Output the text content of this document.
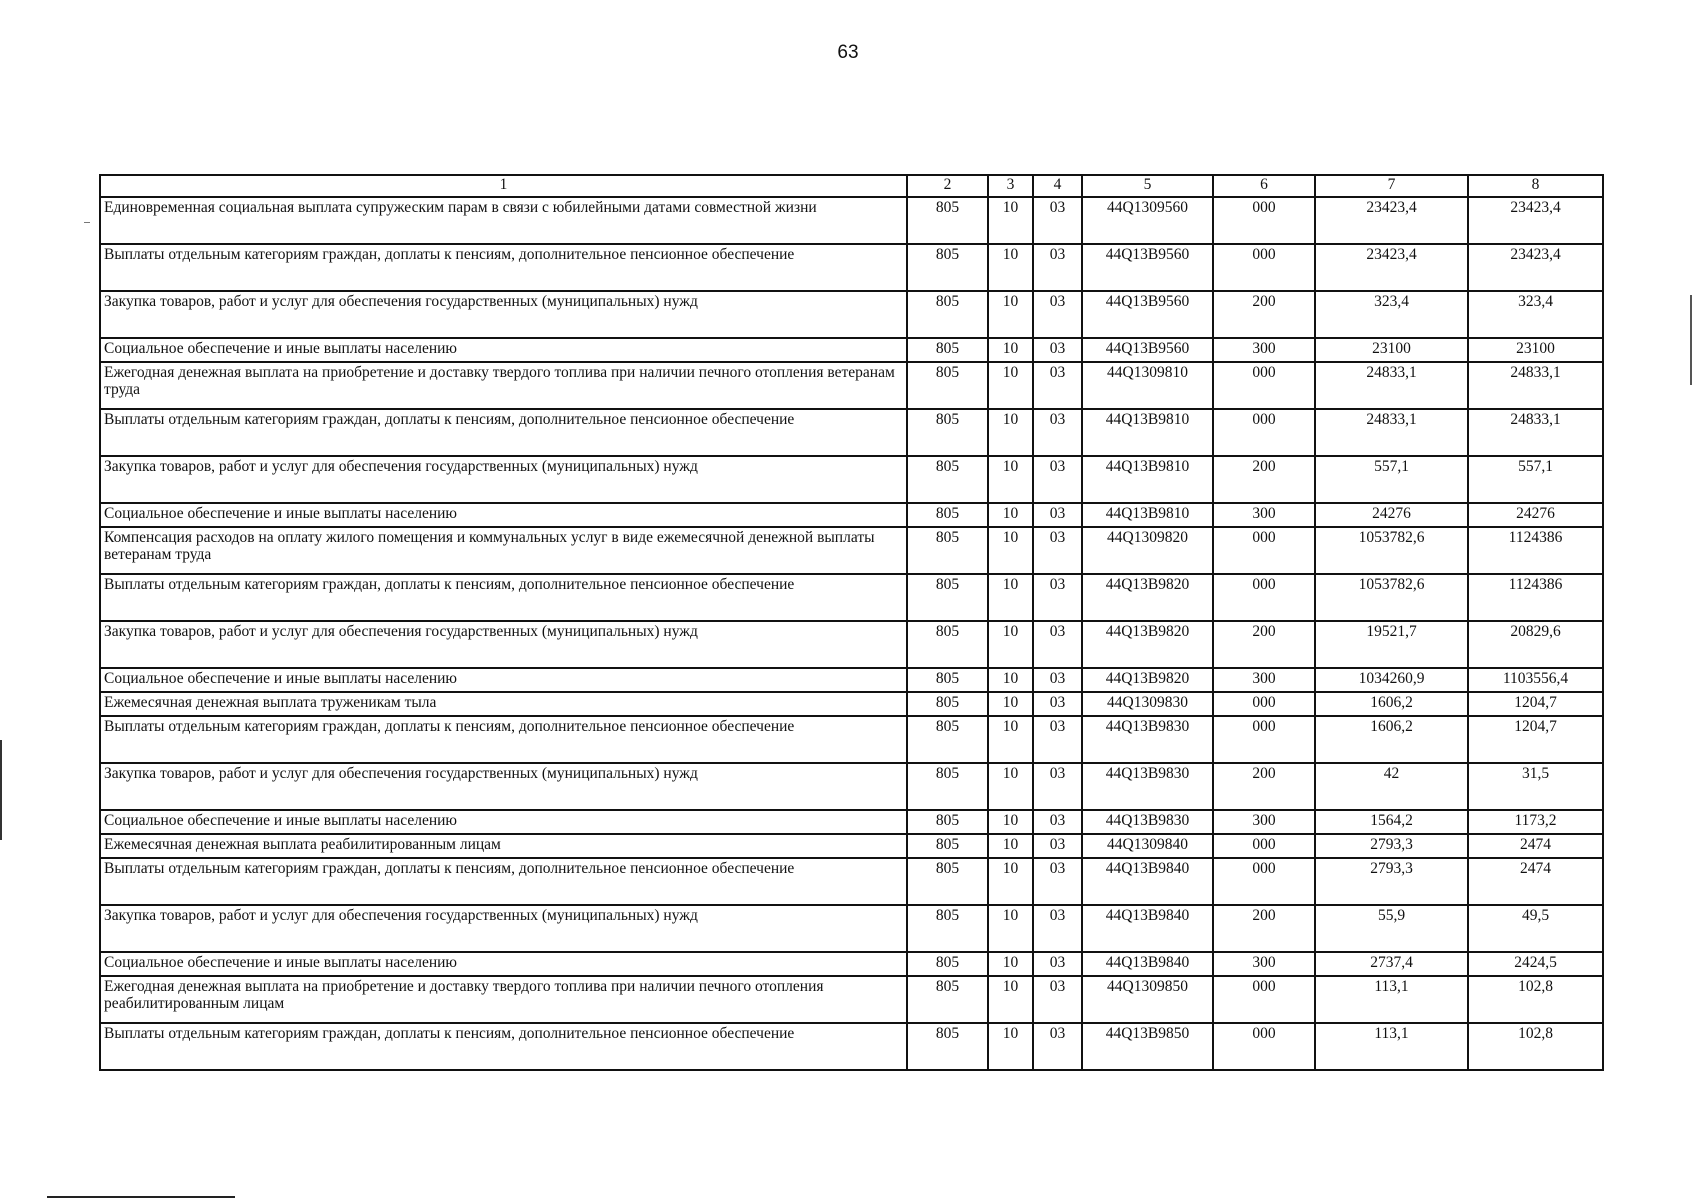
63
1	2	3	4	5	6	7	8
Единовременная социальная выплата супружеским парам в связи с юбилейными датами совместной жизни	805	10	03	44Q1309560	000	23423,4	23423,4
Выплаты отдельным категориям граждан, доплаты к пенсиям, дополнительное пенсионное обеспечение	805	10	03	44Q13B9560	000	23423,4	23423,4
Закупка товаров, работ и услуг для обеспечения государственных (муниципальных) нужд	805	10	03	44Q13B9560	200	323,4	323,4
Социальное обеспечение и иные выплаты населению	805	10	03	44Q13B9560	300	23100	23100
Ежегодная денежная выплата на приобретение и доставку твердого топлива при наличии печного отопления ветеранам труда	805	10	03	44Q1309810	000	24833,1	24833,1
Выплаты отдельным категориям граждан, доплаты к пенсиям, дополнительное пенсионное обеспечение	805	10	03	44Q13B9810	000	24833,1	24833,1
Закупка товаров, работ и услуг для обеспечения государственных (муниципальных) нужд	805	10	03	44Q13B9810	200	557,1	557,1
Социальное обеспечение и иные выплаты населению	805	10	03	44Q13B9810	300	24276	24276
Компенсация расходов на оплату жилого помещения и коммунальных услуг в виде ежемесячной денежной выплаты ветеранам труда	805	10	03	44Q1309820	000	1053782,6	1124386
Выплаты отдельным категориям граждан, доплаты к пенсиям, дополнительное пенсионное обеспечение	805	10	03	44Q13B9820	000	1053782,6	1124386
Закупка товаров, работ и услуг для обеспечения государственных (муниципальных) нужд	805	10	03	44Q13B9820	200	19521,7	20829,6
Социальное обеспечение и иные выплаты населению	805	10	03	44Q13B9820	300	1034260,9	1103556,4
Ежемесячная денежная выплата труженикам тыла	805	10	03	44Q1309830	000	1606,2	1204,7
Выплаты отдельным категориям граждан, доплаты к пенсиям, дополнительное пенсионное обеспечение	805	10	03	44Q13B9830	000	1606,2	1204,7
Закупка товаров, работ и услуг для обеспечения государственных (муниципальных) нужд	805	10	03	44Q13B9830	200	42	31,5
Социальное обеспечение и иные выплаты населению	805	10	03	44Q13B9830	300	1564,2	1173,2
Ежемесячная денежная выплата реабилитированным лицам	805	10	03	44Q1309840	000	2793,3	2474
Выплаты отдельным категориям граждан, доплаты к пенсиям, дополнительное пенсионное обеспечение	805	10	03	44Q13B9840	000	2793,3	2474
Закупка товаров, работ и услуг для обеспечения государственных (муниципальных) нужд	805	10	03	44Q13B9840	200	55,9	49,5
Социальное обеспечение и иные выплаты населению	805	10	03	44Q13B9840	300	2737,4	2424,5
Ежегодная денежная выплата на приобретение и доставку твердого топлива при наличии печного отопления реабилитированным лицам	805	10	03	44Q1309850	000	113,1	102,8
Выплаты отдельным категориям граждан, доплаты к пенсиям, дополнительное пенсионное обеспечение	805	10	03	44Q13B9850	000	113,1	102,8
